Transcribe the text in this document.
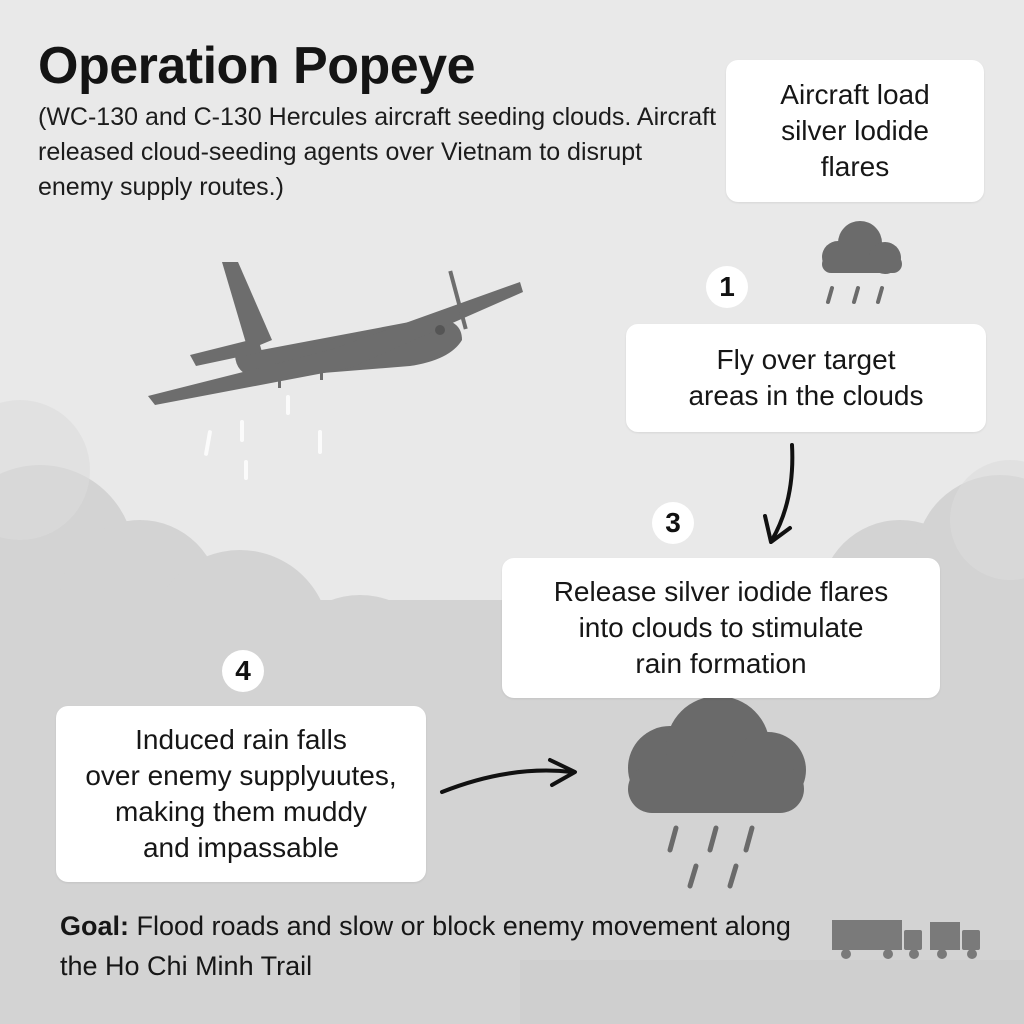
Operation Popeye

(WC-130 and C-130 Hercules aircraft seeding clouds. Aircraft released cloud-seeding agents over Vietnam to disrupt enemy supply routes.)

Aircraft load
silver lodide
flares
1
Fly over target
areas in the clouds
3
Release silver iodide flares
into clouds to stimulate
rain formation
4
Induced rain falls
over enemy supplyuutes,
making them muddy
and impassable

Goal: Flood roads and slow or block enemy movement along the Ho Chi Minh Trail
